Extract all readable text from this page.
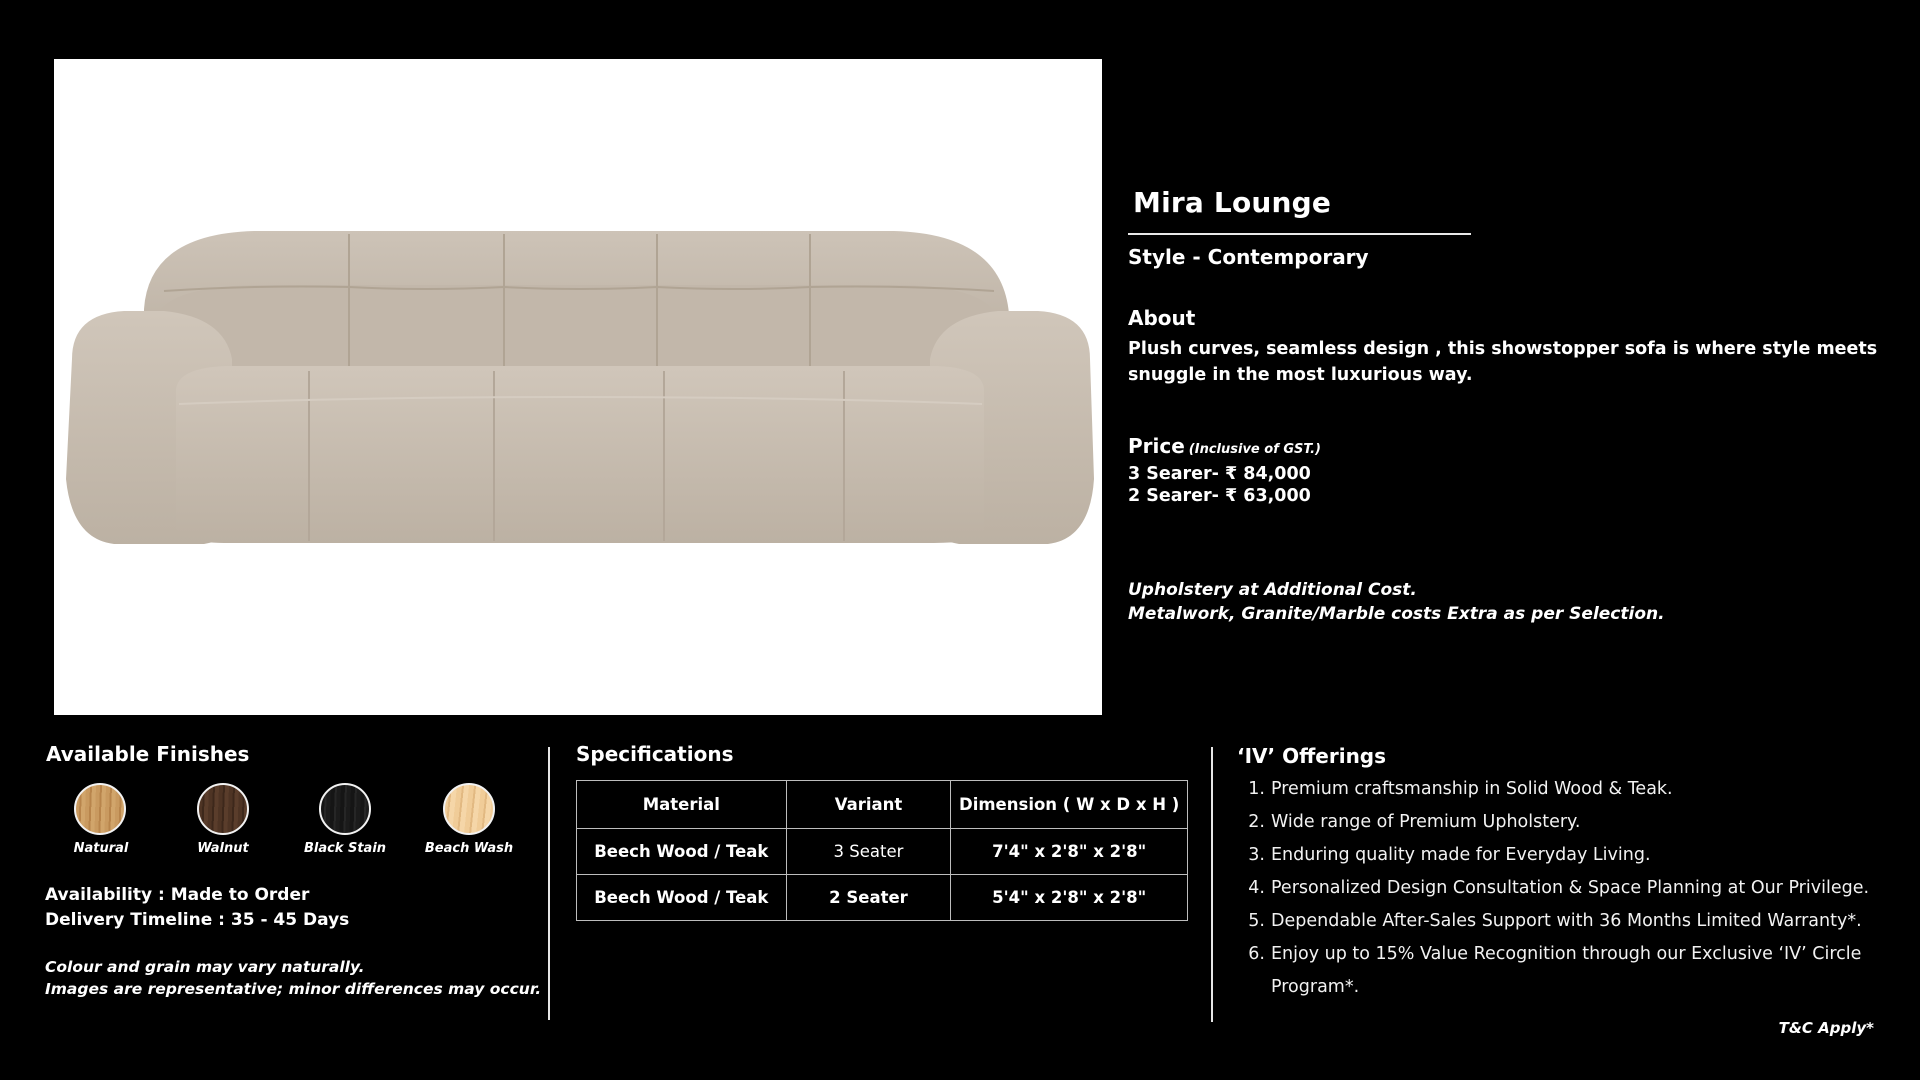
Mira Lounge
Style - Contemporary
About
Plush curves, seamless design , this showstopper sofa is where style meets snuggle in the most luxurious way.
Price (Inclusive of GST.)
3 Searer- ₹ 84,000
2 Searer- ₹ 63,000
Upholstery at Additional Cost.
Metalwork, Granite/Marble costs Extra as per Selection.
Available Finishes
Natural	Walnut	Black Stain	Beach Wash
Availability : Made to Order
Delivery Timeline : 35 - 45 Days
Colour and grain may vary naturally.
Images are representative; minor differences may occur.
Specifications
Material	Variant	Dimension ( W x D x H )
Beech Wood / Teak	3 Seater	7'4" x 2'8" x 2'8"
Beech Wood / Teak	2 Seater	5'4" x 2'8" x 2'8"
‘IV’ Offerings
1. Premium craftsmanship in Solid Wood & Teak.
2. Wide range of Premium Upholstery.
3. Enduring quality made for Everyday Living.
4. Personalized Design Consultation & Space Planning at Our Privilege.
5. Dependable After-Sales Support with 36 Months Limited Warranty*.
6. Enjoy up to 15% Value Recognition through our Exclusive ‘IV’ Circle
Program*.
T&C Apply*
